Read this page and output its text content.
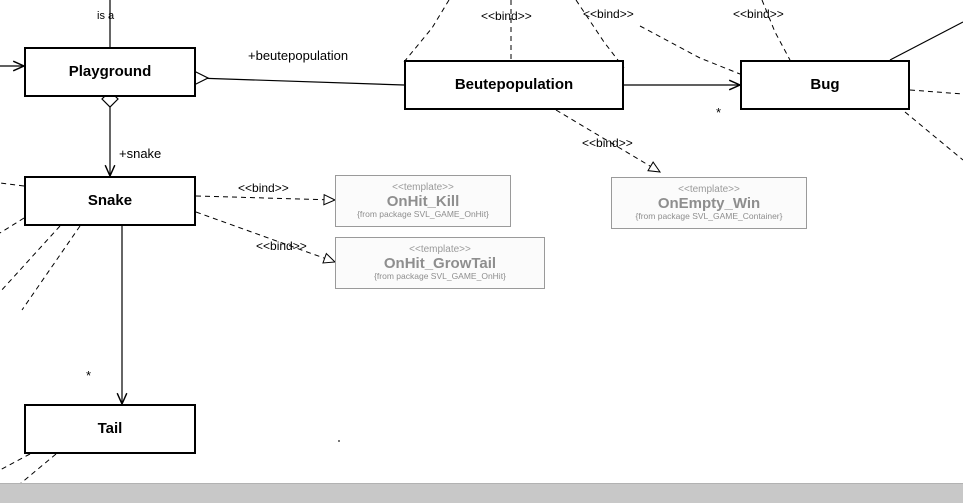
Playground
Snake
Tail
Beutepopulation	Bug
<<template>>
OnHit_Kill
{from package SVL_GAME_OnHit}
<<template>>
OnHit_GrowTail
{from package SVL_GAME_OnHit}
<<template>>
OnEmpty_Win
{from package SVL_GAME_Container}
is a
+beutepopulation
+snake
<<bind>>
<<bind>>
<<bind>>	<<bind>>	<<bind>>
<<bind>>
*
*
